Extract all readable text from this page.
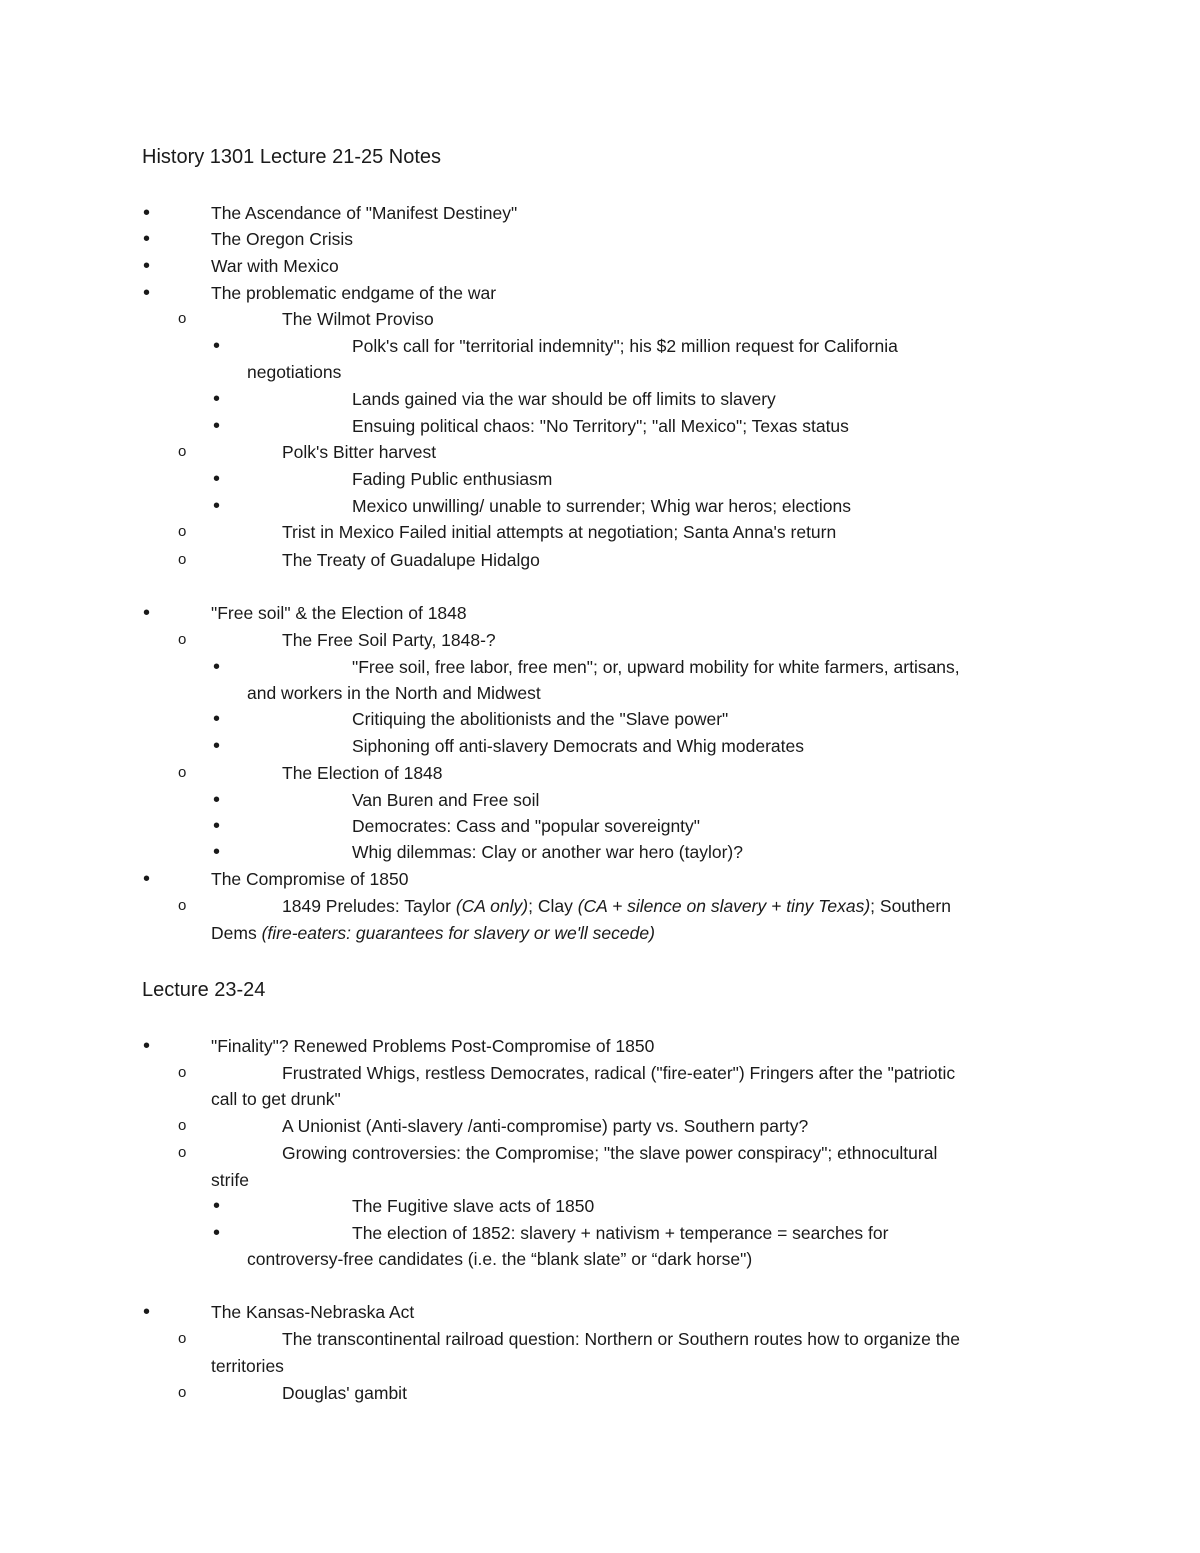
History 1301 Lecture 21-25 Notes
•	The Ascendance of "Manifest Destiney"
•	The Oregon Crisis
•	War with Mexico
•	The problematic endgame of the war
o	The Wilmot Proviso
•	Polk's call for "territorial indemnity"; his $2 million request for California
negotiations
•	Lands gained via the war should be off limits to slavery
•	Ensuing political chaos: "No Territory"; "all Mexico"; Texas status
o	Polk's Bitter harvest
•	Fading Public enthusiasm
•	Mexico unwilling/ unable to surrender; Whig war heros; elections
o	Trist in Mexico Failed initial attempts at negotiation; Santa Anna's return
o	The Treaty of Guadalupe Hidalgo
•	"Free soil" & the Election of 1848
o	The Free Soil Party, 1848-?
•	"Free soil, free labor, free men"; or, upward mobility for white farmers, artisans,
and workers in the North and Midwest
•	Critiquing the abolitionists and the "Slave power"
•	Siphoning off anti-slavery Democrats and Whig moderates
o	The Election of 1848
•	Van Buren and Free soil
•	Democrates: Cass and "popular sovereignty"
•	Whig dilemmas: Clay or another war hero (taylor)?
•	The Compromise of 1850
o	1849 Preludes: Taylor (CA only); Clay (CA + silence on slavery + tiny Texas); Southern
Dems (fire-eaters: guarantees for slavery or we'll secede)
Lecture 23-24
•	"Finality"? Renewed Problems Post-Compromise of 1850
o	Frustrated Whigs, restless Democrates, radical ("fire-eater") Fringers after the "patriotic
call to get drunk"
o	A Unionist (Anti-slavery /anti-compromise) party vs. Southern party?
o	Growing controversies: the Compromise; "the slave power conspiracy"; ethnocultural
strife
•	The Fugitive slave acts of 1850
•	The election of 1852: slavery + nativism + temperance = searches for
controversy-free candidates (i.e. the “blank slate” or “dark horse")
•	The Kansas-Nebraska Act
o	The transcontinental railroad question: Northern or Southern routes how to organize the
territories
o	Douglas' gambit
